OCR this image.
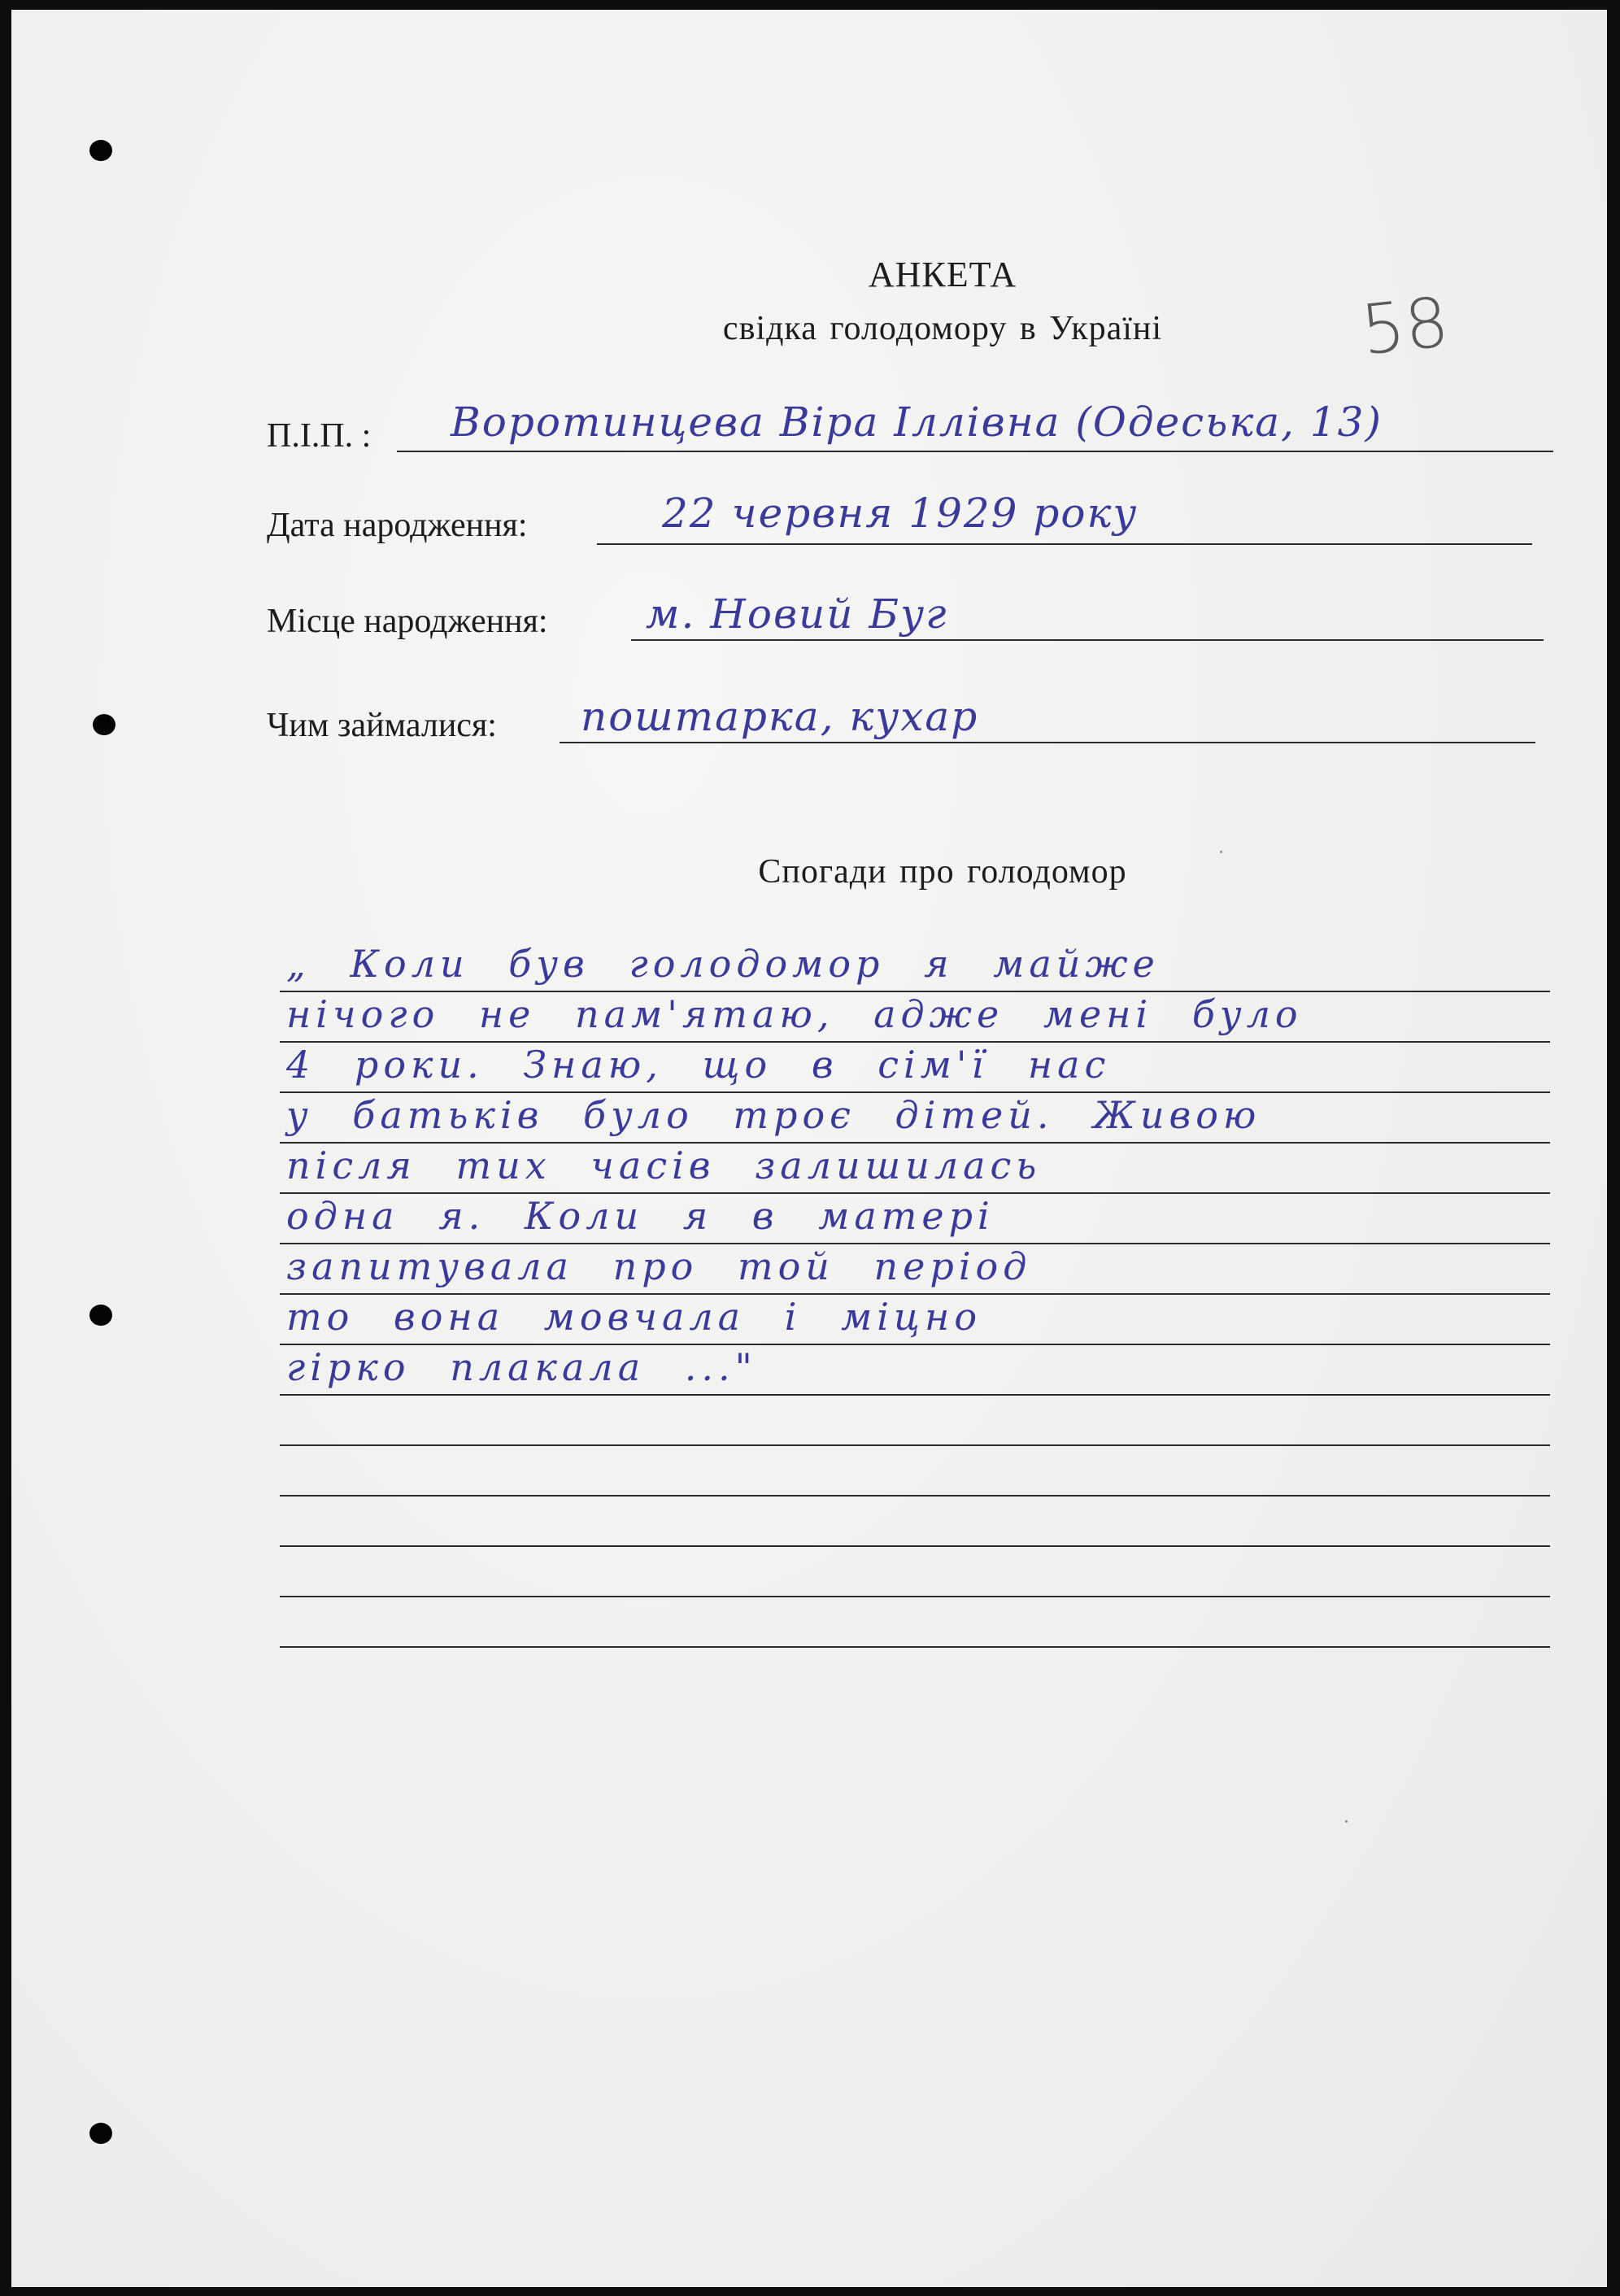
АНКЕТА
свідка голодомору в Україні	58
П.І.П. : Воротинцева Віра Іллівна (Одеська, 13)
Дата народження:	22 червня 1929 року
Місце народження: м. Новий Буг
Чим займалися: поштарка, кухар
Спогади про голодомор
„ Коли був голодомор я майже
нічого не пам'ятаю, адже мені було
4 роки. Знаю, що в сім'ї нас
у батьків було троє дітей. Живою
після тих часів залишилась
одна я. Коли я в матері
запитувала про той період
то вона мовчала і міцно
гірко плакала ..."
